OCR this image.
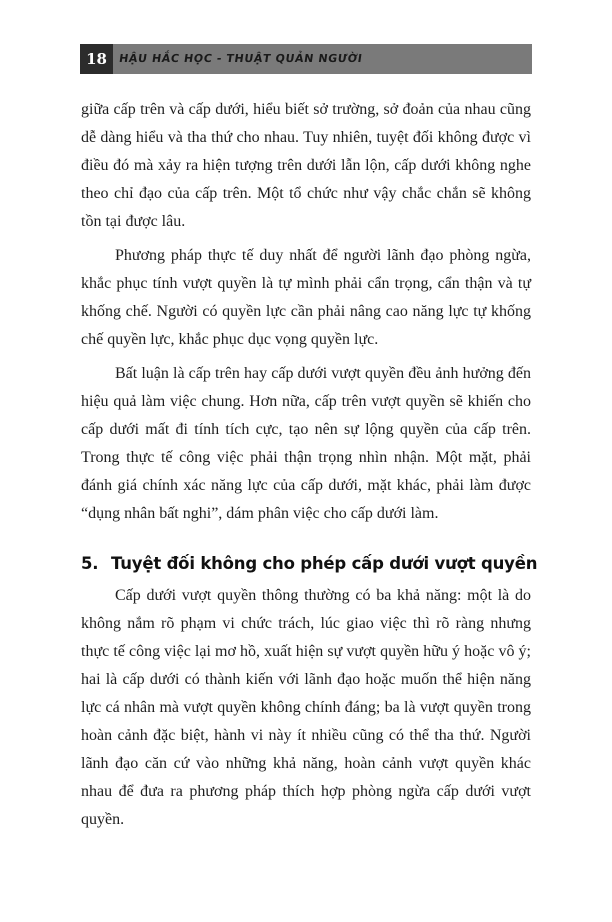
18	HẬU HẮC HỌC - THUẬT QUẢN NGƯỜI

giữa cấp trên và cấp dưới, hiểu biết sở trường, sở đoản của nhau cũng dễ dàng hiểu và tha thứ cho nhau. Tuy nhiên, tuyệt đối không được vì điều đó mà xảy ra hiện tượng trên dưới lẫn lộn, cấp dưới không nghe theo chỉ đạo của cấp trên. Một tổ chức như vậy chắc chắn sẽ không tồn tại được lâu.

Phương pháp thực tế duy nhất để người lãnh đạo phòng ngừa, khắc phục tính vượt quyền là tự mình phải cẩn trọng, cẩn thận và tự khống chế. Người có quyền lực cần phải nâng cao năng lực tự khống chế quyền lực, khắc phục dục vọng quyền lực.

Bất luận là cấp trên hay cấp dưới vượt quyền đều ảnh hưởng đến hiệu quả làm việc chung. Hơn nữa, cấp trên vượt quyền sẽ khiến cho cấp dưới mất đi tính tích cực, tạo nên sự lộng quyền của cấp trên. Trong thực tế công việc phải thận trọng nhìn nhận. Một mặt, phải đánh giá chính xác năng lực của cấp dưới, mặt khác, phải làm được “dụng nhân bất nghi”, dám phân việc cho cấp dưới làm.

5. Tuyệt đối không cho phép cấp dưới vượt quyền

Cấp dưới vượt quyền thông thường có ba khả năng: một là do không nắm rõ phạm vi chức trách, lúc giao việc thì rõ ràng nhưng thực tế công việc lại mơ hồ, xuất hiện sự vượt quyền hữu ý hoặc vô ý; hai là cấp dưới có thành kiến với lãnh đạo hoặc muốn thể hiện năng lực cá nhân mà vượt quyền không chính đáng; ba là vượt quyền trong hoàn cảnh đặc biệt, hành vi này ít nhiều cũng có thể tha thứ. Người lãnh đạo căn cứ vào những khả năng, hoàn cảnh vượt quyền khác nhau để đưa ra phương pháp thích hợp phòng ngừa cấp dưới vượt quyền.
